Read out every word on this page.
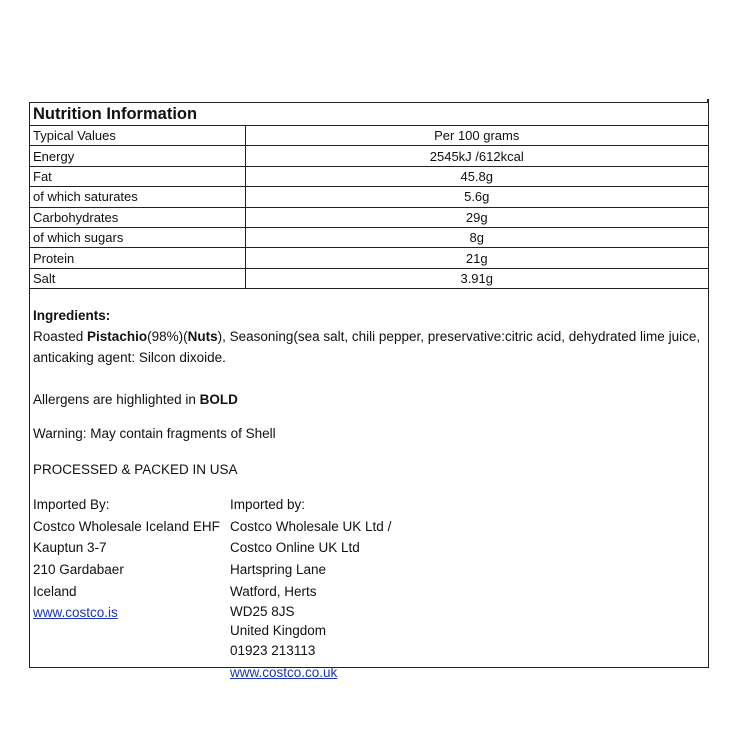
Nutrition Information
Typical Values	Per 100 grams
Energy	2545kJ /612kcal
Fat	45.8g
of which saturates	5.6g
Carbohydrates	29g
of which sugars	8g
Protein	21g
Salt	3.91g
Ingredients:
Roasted Pistachio(98%)(Nuts), Seasoning(sea salt, chili pepper, preservative:citric acid, dehydrated lime juice, anticaking agent: Silcon dixoide.
Allergens are highlighted in BOLD
Warning: May contain fragments of Shell
PROCESSED & PACKED IN USA
Imported By:
Costco Wholesale Iceland EHF
Kauptun 3-7
210 Gardabaer
Iceland
www.costco.is
Imported by:
Costco Wholesale UK Ltd /
Costco Online UK Ltd
Hartspring Lane
Watford, Herts
WD25 8JS
United Kingdom
01923 213113
www.costco.co.uk
